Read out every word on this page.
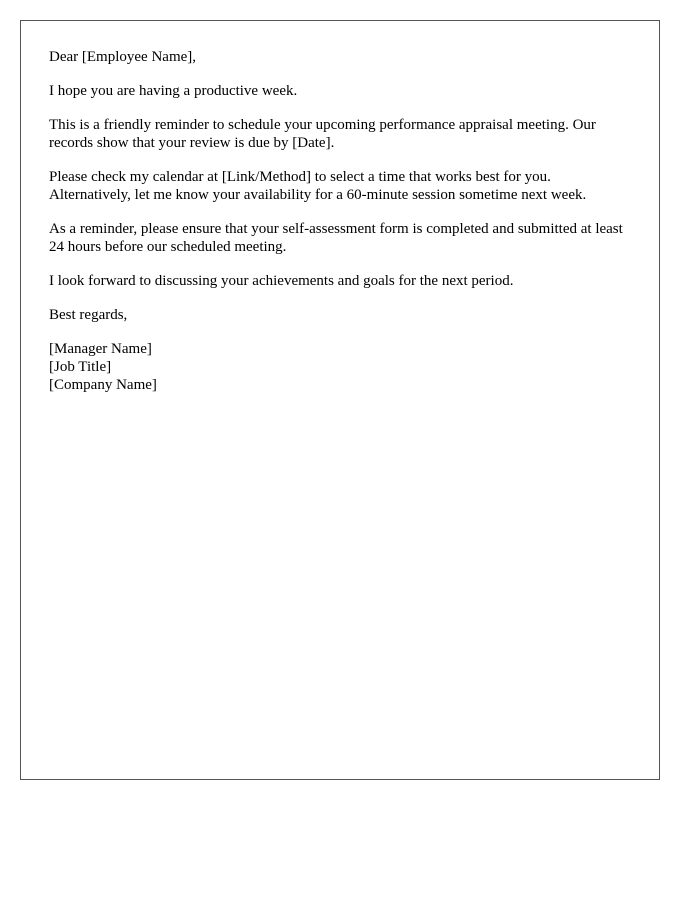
Dear [Employee Name],

I hope you are having a productive week.

This is a friendly reminder to schedule your upcoming performance appraisal meeting. Our records show that your review is due by [Date].

Please check my calendar at [Link/Method] to select a time that works best for you. Alternatively, let me know your availability for a 60-minute session sometime next week.

As a reminder, please ensure that your self-assessment form is completed and submitted at least 24 hours before our scheduled meeting.

I look forward to discussing your achievements and goals for the next period.

Best regards,

[Manager Name]
[Job Title]
[Company Name]
